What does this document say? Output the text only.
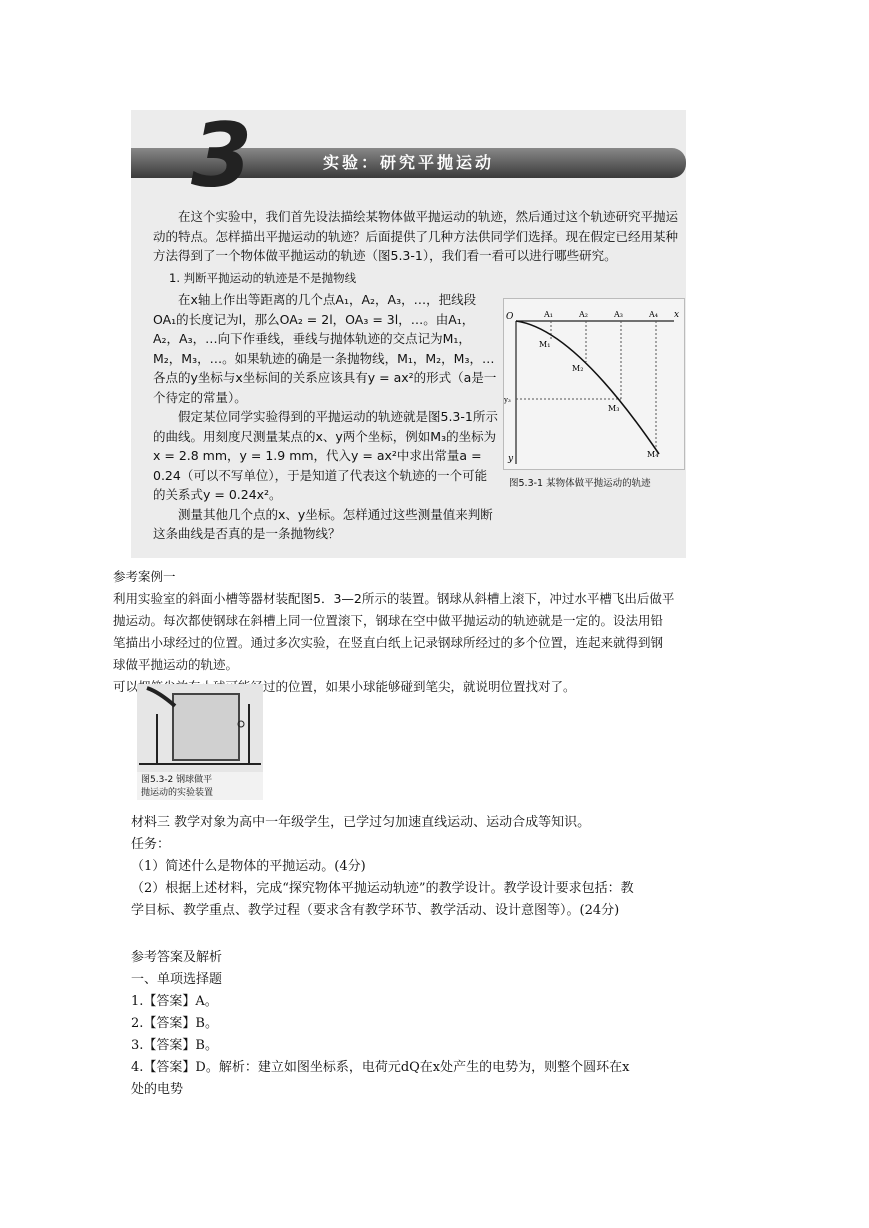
3	实验：研究平抛运动
在这个实验中，我们首先设法描绘某物体做平抛运动的轨迹，然后通过这个轨迹研究平抛运动的特点。怎样描出平抛运动的轨迹？后面提供了几种方法供同学们选择。现在假定已经用某种方法得到了一个物体做平抛运动的轨迹（图5.3-1），我们看一看可以进行哪些研究。
1. 判断平抛运动的轨迹是不是抛物线

在x轴上作出等距离的几个点A₁，A₂，A₃，…，把线段OA₁的长度记为l，那么OA₂ = 2l，OA₃ = 3l，…。由A₁，A₂，A₃，…向下作垂线，垂线与抛体轨迹的交点记为M₁，M₂，M₃，…。如果轨迹的确是一条抛物线，M₁，M₂，M₃，…各点的y坐标与x坐标间的关系应该具有y = ax²的形式（a是一个待定的常量）。

假定某位同学实验得到的平抛运动的轨迹就是图5.3-1所示的曲线。用刻度尺测量某点的x、y两个坐标，例如M₃的坐标为x = 2.8 mm，y = 1.9 mm，代入y = ax²中求出常量a = 0.24（可以不写单位），于是知道了代表这个轨迹的一个可能的关系式y = 0.24x²。

测量其他几个点的x、y坐标。怎样通过这些测量值来判断这条曲线是否真的是一条抛物线？

O	x
y
A₁	A₂	A₃	A₄
M₁
M₂
M₃
M₄
y₃
图5.3-1 某物体做平抛运动的轨迹
参考案例一
利用实验室的斜面小槽等器材装配图5．3—2所示的装置。钢球从斜槽上滚下，冲过水平槽飞出后做平
抛运动。每次都使钢球在斜槽上同一位置滚下，钢球在空中做平抛运动的轨迹就是一定的。设法用铅
笔描出小球经过的位置。通过多次实验，在竖直白纸上记录钢球所经过的多个位置，连起来就得到钢
球做平抛运动的轨迹。
可以把笔尖放在小球可能经过的位置，如果小球能够碰到笔尖，就说明位置找对了。
图5.3-2 钢球做平
抛运动的实验装置
材料三 教学对象为高中一年级学生，已学过匀加速直线运动、运动合成等知识。
任务：
（1）简述什么是物体的平抛运动。(4分)
（2）根据上述材料，完成“探究物体平抛运动轨迹”的教学设计。教学设计要求包括：教
学目标、教学重点、教学过程（要求含有教学环节、教学活动、设计意图等）。(24分)
参考答案及解析
一、单项选择题
1.【答案】A。
2.【答案】B。
3.【答案】B。
4.【答案】D。解析：建立如图坐标系，电荷元dQ在x处产生的电势为，则整个圆环在x
处的电势
